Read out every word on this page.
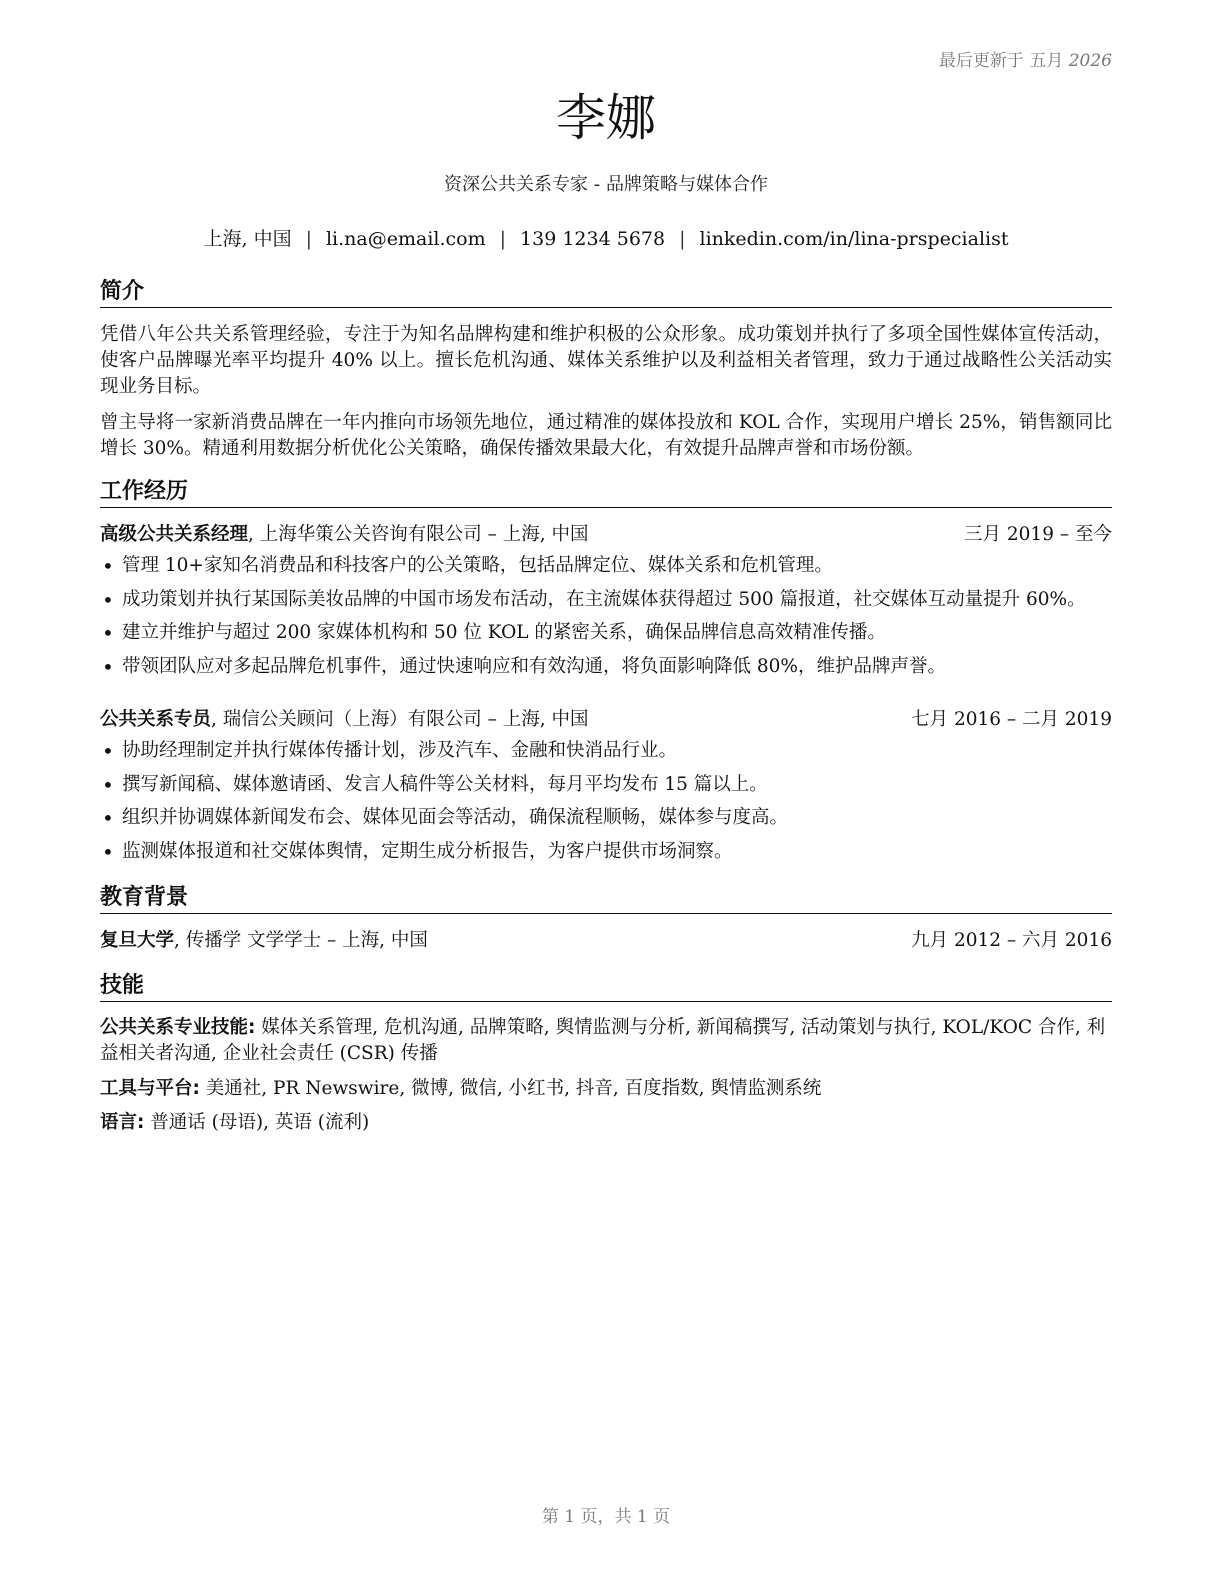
最后更新于 五月 2026
李娜
资深公共关系专家 - 品牌策略与媒体合作
上海, 中国 | li.na@email.com | 139 1234 5678 | linkedin.com/in/lina-prspecialist
简介
凭借八年公共关系管理经验，专注于为知名品牌构建和维护积极的公众形象。成功策划并执行了多项全国性媒体宣传活动，使客户品牌曝光率平均提升 40% 以上。擅长危机沟通、媒体关系维护以及利益相关者管理，致力于通过战略性公关活动实现业务目标。
曾主导将一家新消费品牌在一年内推向市场领先地位，通过精准的媒体投放和 KOL 合作，实现用户增长 25%，销售额同比增长 30%。精通利用数据分析优化公关策略，确保传播效果最大化，有效提升品牌声誉和市场份额。
工作经历
高级公共关系经理, 上海华策公关咨询有限公司 – 上海, 中国	三月 2019 – 至今
• 管理 10+家知名消费品和科技客户的公关策略，包括品牌定位、媒体关系和危机管理。
• 成功策划并执行某国际美妆品牌的中国市场发布活动，在主流媒体获得超过 500 篇报道，社交媒体互动量提升 60%。
• 建立并维护与超过 200 家媒体机构和 50 位 KOL 的紧密关系，确保品牌信息高效精准传播。
• 带领团队应对多起品牌危机事件，通过快速响应和有效沟通，将负面影响降低 80%，维护品牌声誉。
公共关系专员, 瑞信公关顾问（上海）有限公司 – 上海, 中国	七月 2016 – 二月 2019
• 协助经理制定并执行媒体传播计划，涉及汽车、金融和快消品行业。
• 撰写新闻稿、媒体邀请函、发言人稿件等公关材料，每月平均发布 15 篇以上。
• 组织并协调媒体新闻发布会、媒体见面会等活动，确保流程顺畅，媒体参与度高。
• 监测媒体报道和社交媒体舆情，定期生成分析报告，为客户提供市场洞察。
教育背景
复旦大学, 传播学 文学学士 – 上海, 中国	九月 2012 – 六月 2016
技能
公共关系专业技能: 媒体关系管理, 危机沟通, 品牌策略, 舆情监测与分析, 新闻稿撰写, 活动策划与执行, KOL/KOC 合作, 利益相关者沟通, 企业社会责任 (CSR) 传播
工具与平台: 美通社, PR Newswire, 微博, 微信, 小红书, 抖音, 百度指数, 舆情监测系统
语言: 普通话 (母语), 英语 (流利)
第 1 页，共 1 页
